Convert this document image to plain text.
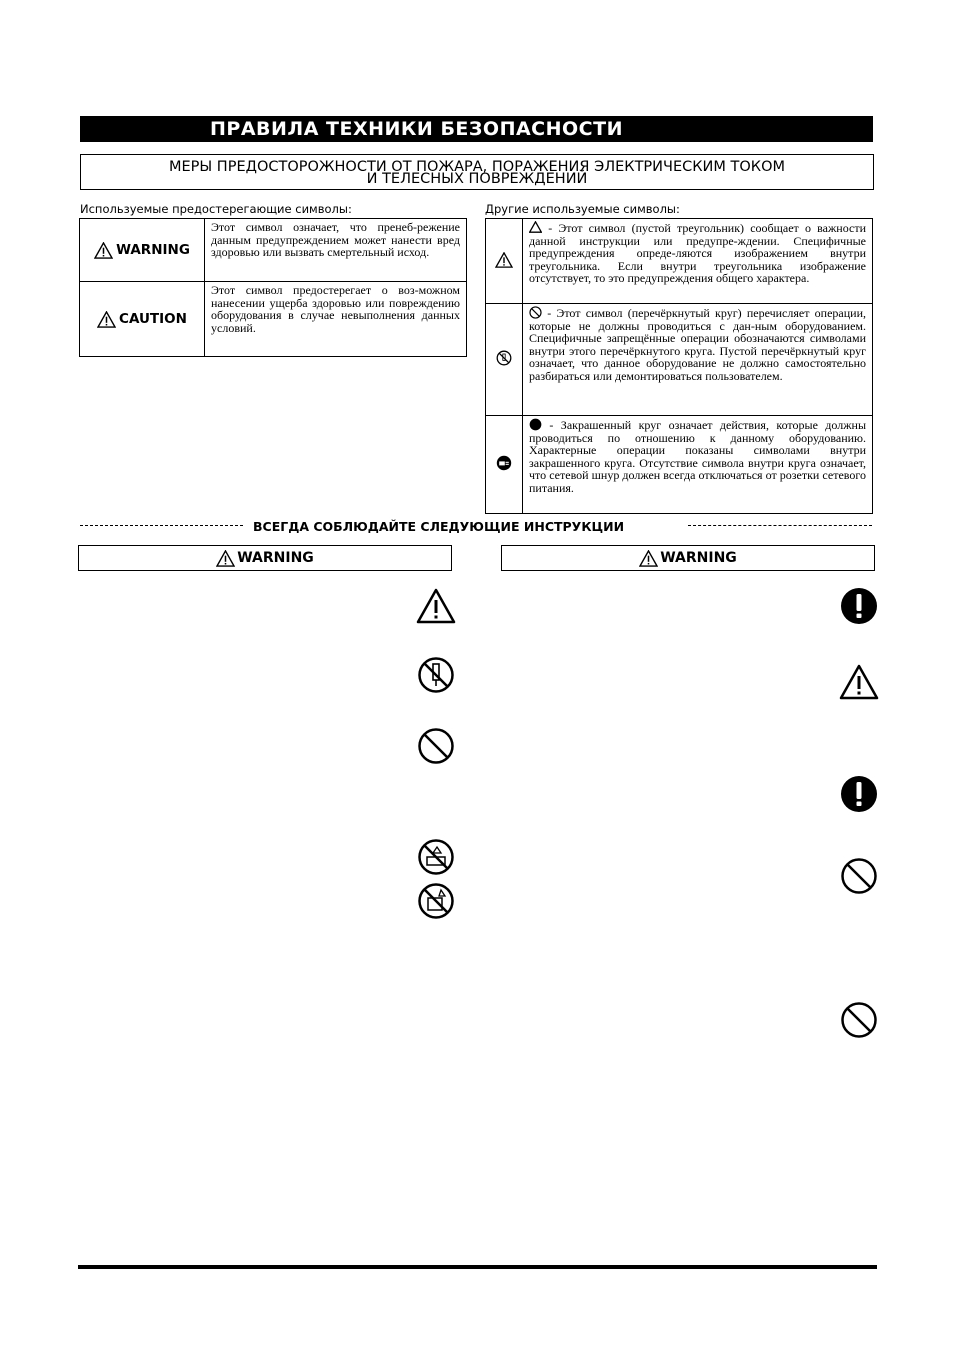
ПРАВИЛА ТЕХНИКИ БЕЗОПАСНОСТИ
МЕРЫ ПРЕДОСТОРОЖНОСТИ ОТ ПОЖАРА, ПОРАЖЕНИЯ ЭЛЕКТРИЧЕСКИМ ТОКОМ
И ТЕЛЕСНЫХ ПОВРЕЖДЕНИЙ
Используемые предостерегающие символы:
WARNING	Этот символ означает, что пренеб-режение данным предупреждением может нанести вред здоровью или вызвать смертельный исход.

CAUTION	Этот символ предостерегает о воз-можном нанесении ущерба здоровью или повреждению оборудования в случае невыполнения данных условий.
Другие используемые символы:
	- Этот символ (пустой треугольник) сообщает о важности данной инструкции или предупре-ждении. Специфичные предупреждения опреде-ляются изображением внутри треугольника. Если внутри треугольника изображение отсутствует, то это предупреждения общего характера.
	- Этот символ (перечёркнутый круг) перечисляет операции, которые не должны проводиться с дан-ным оборудованием. Специфичные запрещённые операции обозначаются символами внутри этого перечёркнутого круга. Пустой перечёркнутый круг означает, что данное оборудование не должно самостоятельно разбираться или демонтироваться пользователем.
	- Закрашенный круг означает действия, которые должны проводиться по отношению к данному оборудованию. Характерные операции показаны символами внутри закрашенного круга. Отсутствие символа внутри круга означает, что сетевой шнур должен всегда отключаться от розетки сетевого питания.
ВСЕГДА СОБЛЮДАЙТЕ СЛЕДУЮЩИЕ ИНСТРУКЦИИ
WARNING	WARNING
